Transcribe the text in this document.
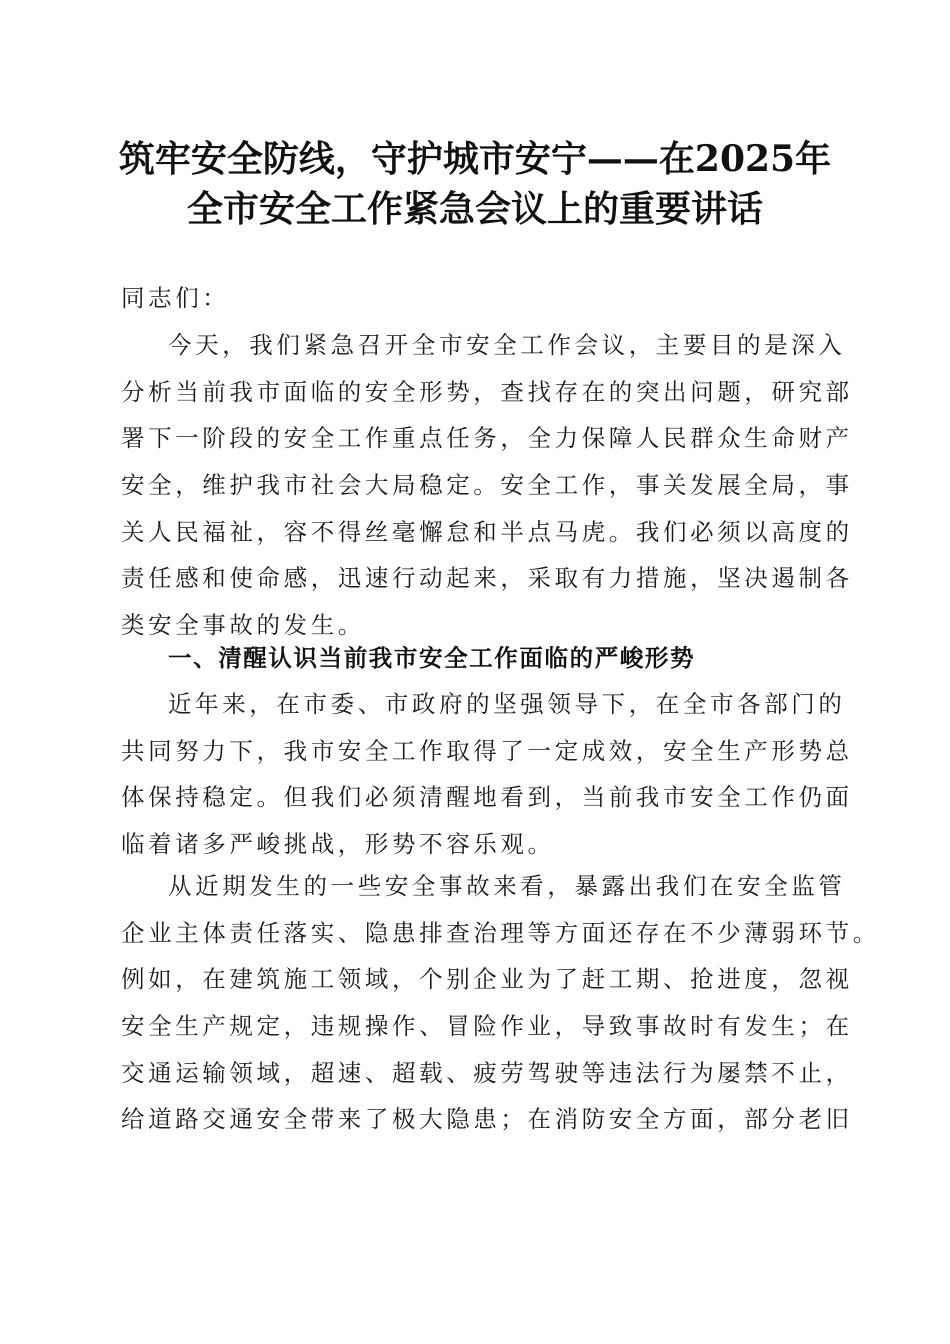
筑牢安全防线，守护城市安宁——在2025年
全市安全工作紧急会议上的重要讲话

同志们：

今天，我们紧急召开全市安全工作会议，主要目的是深入
分析当前我市面临的安全形势，查找存在的突出问题，研究部
署下一阶段的安全工作重点任务，全力保障人民群众生命财产
安全，维护我市社会大局稳定。安全工作，事关发展全局，事
关人民福祉，容不得丝毫懈怠和半点马虎。我们必须以高度的
责任感和使命感，迅速行动起来，采取有力措施，坚决遏制各
类安全事故的发生。

一、清醒认识当前我市安全工作面临的严峻形势

近年来，在市委、市政府的坚强领导下，在全市各部门的
共同努力下，我市安全工作取得了一定成效，安全生产形势总
体保持稳定。但我们必须清醒地看到，当前我市安全工作仍面
临着诸多严峻挑战，形势不容乐观。
从近期发生的一些安全事故来看，暴露出我们在安全监管
企业主体责任落实、隐患排查治理等方面还存在不少薄弱环节。
例如，在建筑施工领域，个别企业为了赶工期、抢进度，忽视
安全生产规定，违规操作、冒险作业，导致事故时有发生；在
交通运输领域，超速、超载、疲劳驾驶等违法行为屡禁不止，
给道路交通安全带来了极大隐患；在消防安全方面，部分老旧
